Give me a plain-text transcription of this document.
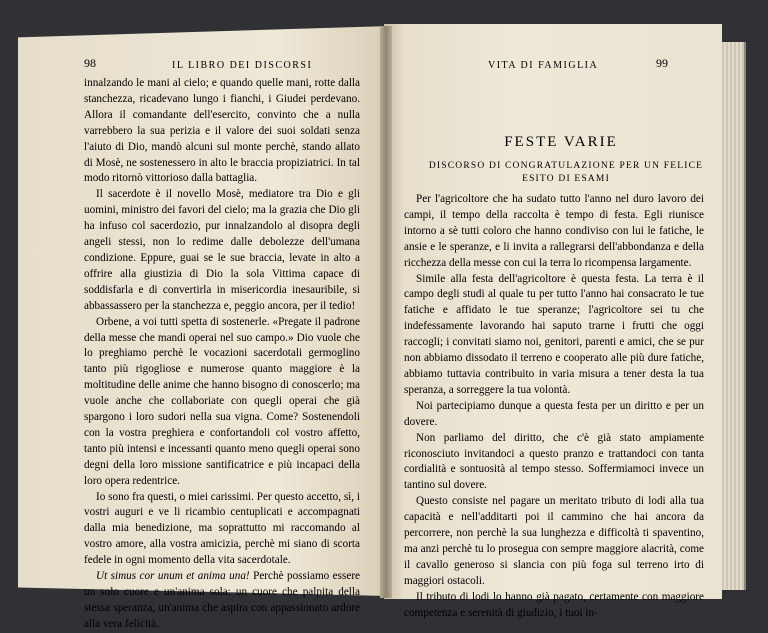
98	IL LIBRO DEI DISCORSI

innalzando le mani al cielo; e quando quelle mani, rotte dalla stanchezza, ricadevano lungo i fianchi, i Giudei perdevano. Allora il comandante dell'esercito, convinto che a nulla varrebbero la sua perizia e il valore dei suoi soldati senza l'aiuto di Dio, mandò alcuni sul monte perchè, stando allato di Mosè, ne sostenessero in alto le braccia propiziatrici. In tal modo ritornò vittorioso dalla battaglia.

Il sacerdote è il novello Mosè, mediatore tra Dio e gli uomini, ministro dei favori del cielo; ma la grazia che Dio gli ha infuso col sacerdozio, pur innalzandolo al disopra degli angeli stessi, non lo redime dalle debolezze dell'umana condizione. Eppure, guai se le sue braccia, levate in alto a offrire alla giustizia di Dio la sola Vittima capace di soddisfarla e di convertirla in misericordia inesauribile, si abbassassero per la stanchezza e, peggio ancora, per il tedio!

Orbene, a voi tutti spetta di sostenerle. «Pregate il padrone della messe che mandi operai nel suo campo.» Dio vuole che lo preghiamo perchè le vocazioni sacerdotali germoglino tanto più rigogliose e numerose quanto maggiore è la moltitudine delle anime che hanno bisogno di conoscerlo; ma vuole anche che collaboriate con quegli operai che già spargono i loro sudori nella sua vigna. Come? Sostenendoli con la vostra preghiera e confortandoli col vostro affetto, tanto più intensi e incessanti quanto meno quegli operai sono degni della loro missione santificatrice e più incapaci della loro opera redentrice.

Io sono fra questi, o miei carissimi. Per questo accetto, sì, i vostri auguri e ve li ricambio centuplicati e accompagnati dalla mia benedizione, ma soprattutto mi raccomando al vostro amore, alla vostra amicizia, perchè mi siano di scorta fedele in ogni momento della vita sacerdotale.

Ut simus cor unum et anima una! Perchè possiamo essere un solo cuore e un'anima sola: un cuore che palpita della stessa speranza, un'anima che aspira con appassionato ardore alla vera felicità.
VITA DI FAMIGLIA	99
FESTE VARIE
DISCORSO DI CONGRATULAZIONE PER UN FELICE ESITO DI ESAMI

Per l'agricoltore che ha sudato tutto l'anno nel duro lavoro dei campi, il tempo della raccolta è tempo di festa. Egli riunisce intorno a sè tutti coloro che hanno condiviso con lui le fatiche, le ansie e le speranze, e li invita a rallegrarsi dell'abbondanza e della ricchezza della messe con cui la terra lo ricompensa largamente.

Simile alla festa dell'agricoltore è questa festa. La terra è il campo degli studi al quale tu per tutto l'anno hai consacrato le tue fatiche e affidato le tue speranze; l'agricoltore sei tu che indefessamente lavorando hai saputo trarne i frutti che oggi raccogli; i convitati siamo noi, genitori, parenti e amici, che se pur non abbiamo dissodato il terreno e cooperato alle più dure fatiche, abbiamo tuttavia contribuito in varia misura a tener desta la tua speranza, a sorreggere la tua volontà.

Noi partecipiamo dunque a questa festa per un diritto e per un dovere.

Non parliamo del diritto, che c'è già stato ampiamente riconosciuto invitandoci a questo pranzo e trattandoci con tanta cordialità e sontuosità al tempo stesso. Soffermiamoci invece un tantino sul dovere.

Questo consiste nel pagare un meritato tributo di lodi alla tua capacità e nell'additarti poi il cammino che hai ancora da percorrere, non perchè la sua lunghezza e difficoltà ti spaventino, ma anzi perchè tu lo prosegua con sempre maggiore alacrità, come il cavallo generoso si slancia con più foga sul terreno irto di maggiori ostacoli.

Il tributo di lodi lo hanno già pagato, certamente con maggiore competenza e serenità di giudizio, i tuoi in-
